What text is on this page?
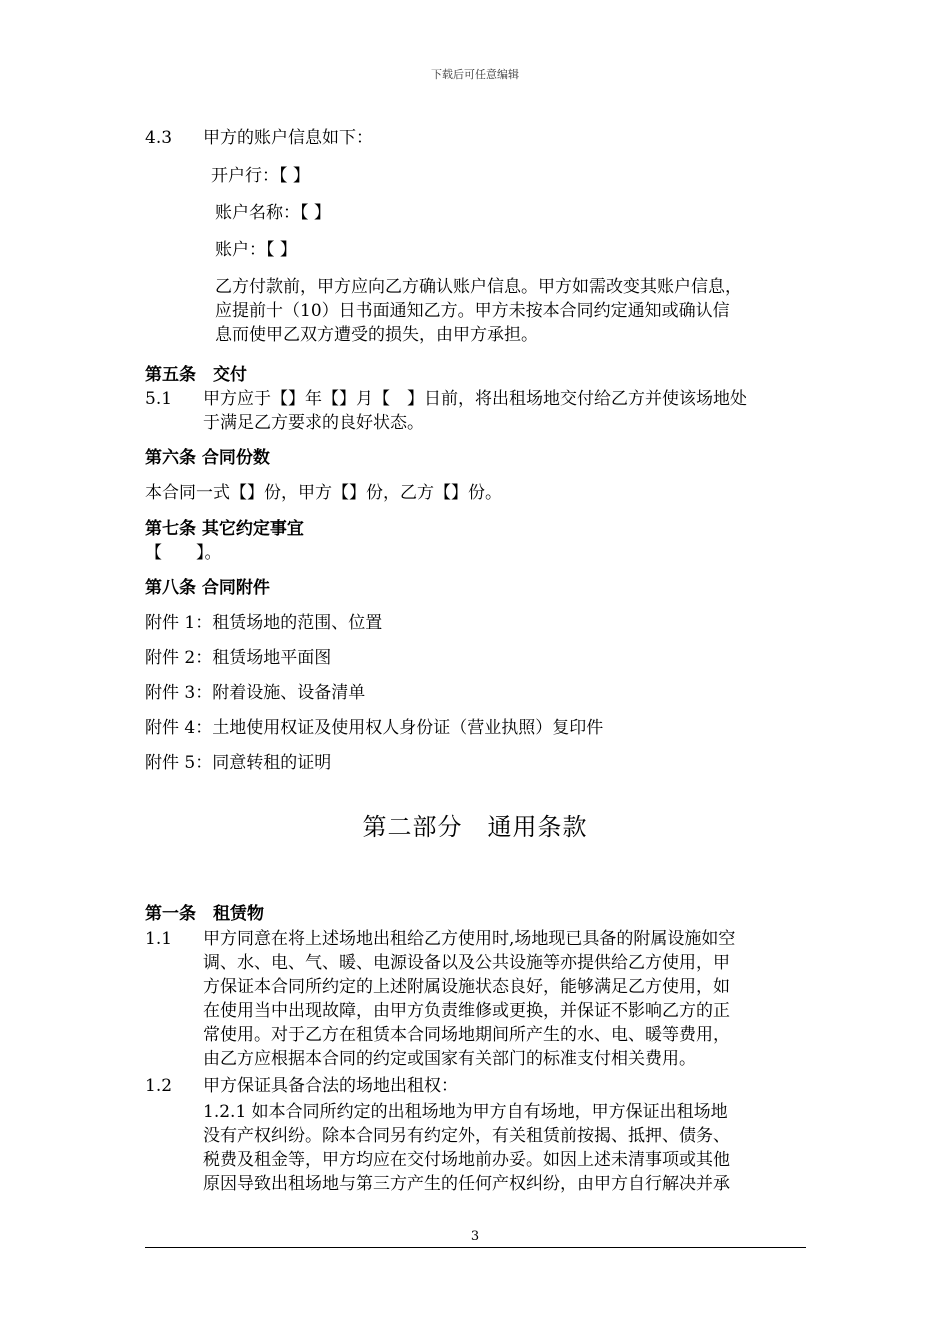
下载后可任意编辑
4.3 甲方的账户信息如下：
开户行：【 】
账户名称：【 】
账户：【 】
乙方付款前，甲方应向乙方确认账户信息。甲方如需改变其账户信息，
应提前十（10）日书面通知乙方。甲方未按本合同约定通知或确认信
息而使甲乙双方遭受的损失，由甲方承担。
第五条　交付
5.1 甲方应于【】年【】月【　】日前，将出租场地交付给乙方并使该场地处
于满足乙方要求的良好状态。
第六条 合同份数
本合同一式【】份，甲方【】份，乙方【】份。
第七条 其它约定事宜
【　　】。
第八条 合同附件
附件 1：租赁场地的范围、位置
附件 2：租赁场地平面图
附件 3：附着设施、设备清单
附件 4：土地使用权证及使用权人身份证（营业执照）复印件
附件 5：同意转租的证明
第二部分　通用条款
第一条　租赁物
1.1 甲方同意在将上述场地出租给乙方使用时,场地现已具备的附属设施如空
调、水、电、气、暖、电源设备以及公共设施等亦提供给乙方使用，甲
方保证本合同所约定的上述附属设施状态良好，能够满足乙方使用，如
在使用当中出现故障，由甲方负责维修或更换，并保证不影响乙方的正
常使用。对于乙方在租赁本合同场地期间所产生的水、电、暖等费用，
由乙方应根据本合同的约定或国家有关部门的标准支付相关费用。
1.2 甲方保证具备合法的场地出租权：
1.2.1 如本合同所约定的出租场地为甲方自有场地，甲方保证出租场地
没有产权纠纷。除本合同另有约定外，有关租赁前按揭、抵押、债务、
税费及租金等，甲方均应在交付场地前办妥。如因上述未清事项或其他
原因导致出租场地与第三方产生的任何产权纠纷，由甲方自行解决并承
3
